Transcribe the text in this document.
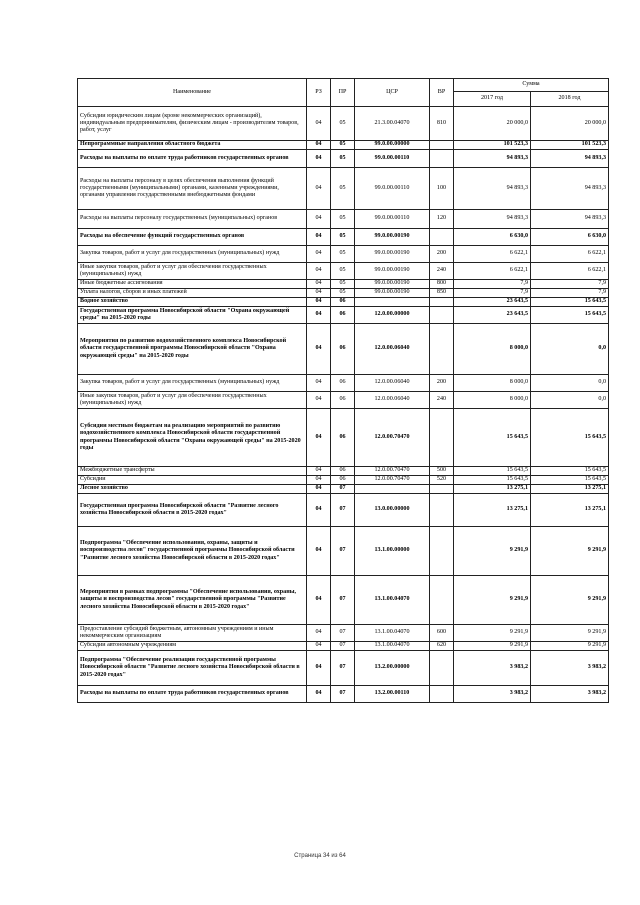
Наименование	РЗ	ПР	ЦСР	ВР	Сумма	
					2017 год	2018 год
Субсидии юридическим лицам (кроме некоммерческих организаций), индивидуальным предпринимателям, физическим лицам - производителям товаров, работ, услуг	04	05	21.3.00.04070	810	20 000,0	20 000,0
Непрограммные направления областного бюджета	04	05	99.0.00.00000		101 523,3	101 523,3
Расходы на выплаты по оплате труда работников государственных органов	04	05	99.0.00.00110		94 893,3	94 893,3
Расходы на выплаты персоналу в целях обеспечения выполнения функций государственными (муниципальными) органами, казенными учреждениями, органами управления государственными внебюджетными фондами	04	05	99.0.00.00110	100	94 893,3	94 893,3
Расходы на выплаты персоналу государственных (муниципальных) органов	04	05	99.0.00.00110	120	94 893,3	94 893,3
Расходы на обеспечение функций государственных органов	04	05	99.0.00.00190		6 630,0	6 630,0
Закупка товаров, работ и услуг для государственных (муниципальных) нужд	04	05	99.0.00.00190	200	6 622,1	6 622,1
Иные закупки товаров, работ и услуг для обеспечения государственных (муниципальных) нужд	04	05	99.0.00.00190	240	6 622,1	6 622,1
Иные бюджетные ассигнования	04	05	99.0.00.00190	800	7,9	7,9
Уплата налогов, сборов и иных платежей	04	05	99.0.00.00190	850	7,9	7,9
Водное хозяйство	04	06			23 643,5	15 643,5
Государственная программа Новосибирской области "Охрана окружающей среды" на 2015-2020 годы	04	06	12.0.00.00000		23 643,5	15 643,5
Мероприятия по развитию водохозяйственного комплекса Новосибирской области государственной программы Новосибирской области "Охрана окружающей среды" на 2015-2020 годы	04	06	12.0.00.06040		8 000,0	0,0
Закупка товаров, работ и услуг для государственных (муниципальных) нужд	04	06	12.0.00.06040	200	8 000,0	0,0
Иные закупки товаров, работ и услуг для обеспечения государственных (муниципальных) нужд	04	06	12.0.00.06040	240	8 000,0	0,0
Субсидии местным бюджетам на реализацию мероприятий по развитию водохозяйственного комплекса Новосибирской области государственной программы Новосибирской области "Охрана окружающей среды" на 2015-2020 годы	04	06	12.0.00.70470		15 643,5	15 643,5
Межбюджетные трансферты	04	06	12.0.00.70470	500	15 643,5	15 643,5
Субсидии	04	06	12.0.00.70470	520	15 643,5	15 643,5
Лесное хозяйство	04	07			13 275,1	13 275,1
Государственная программа Новосибирской области "Развитие лесного хозяйства Новосибирской области в 2015-2020 годах"	04	07	13.0.00.00000		13 275,1	13 275,1
Подпрограмма "Обеспечение использования, охраны, защиты и воспроизводства лесов" государственной программы Новосибирской области "Развитие лесного хозяйства Новосибирской области в 2015-2020 годах"	04	07	13.1.00.00000		9 291,9	9 291,9
Мероприятия в рамках подпрограммы "Обеспечение использования, охраны, защиты и воспроизводства лесов" государственной программы "Развитие лесного хозяйства Новосибирской области в 2015-2020 годах"	04	07	13.1.00.04070		9 291,9	9 291,9
Предоставление субсидий бюджетным, автономным учреждениям и иным некоммерческим организациям	04	07	13.1.00.04070	600	9 291,9	9 291,9
Субсидии автономным учреждениям	04	07	13.1.00.04070	620	9 291,9	9 291,9
Подпрограмма "Обеспечение реализации государственной программы Новосибирской области "Развитие лесного хозяйства Новосибирской области в 2015-2020 годах"	04	07	13.2.00.00000		3 983,2	3 983,2
Расходы на выплаты по оплате труда работников государственных органов	04	07	13.2.00.00110		3 983,2	3 983,2
Страница 34 из 64
